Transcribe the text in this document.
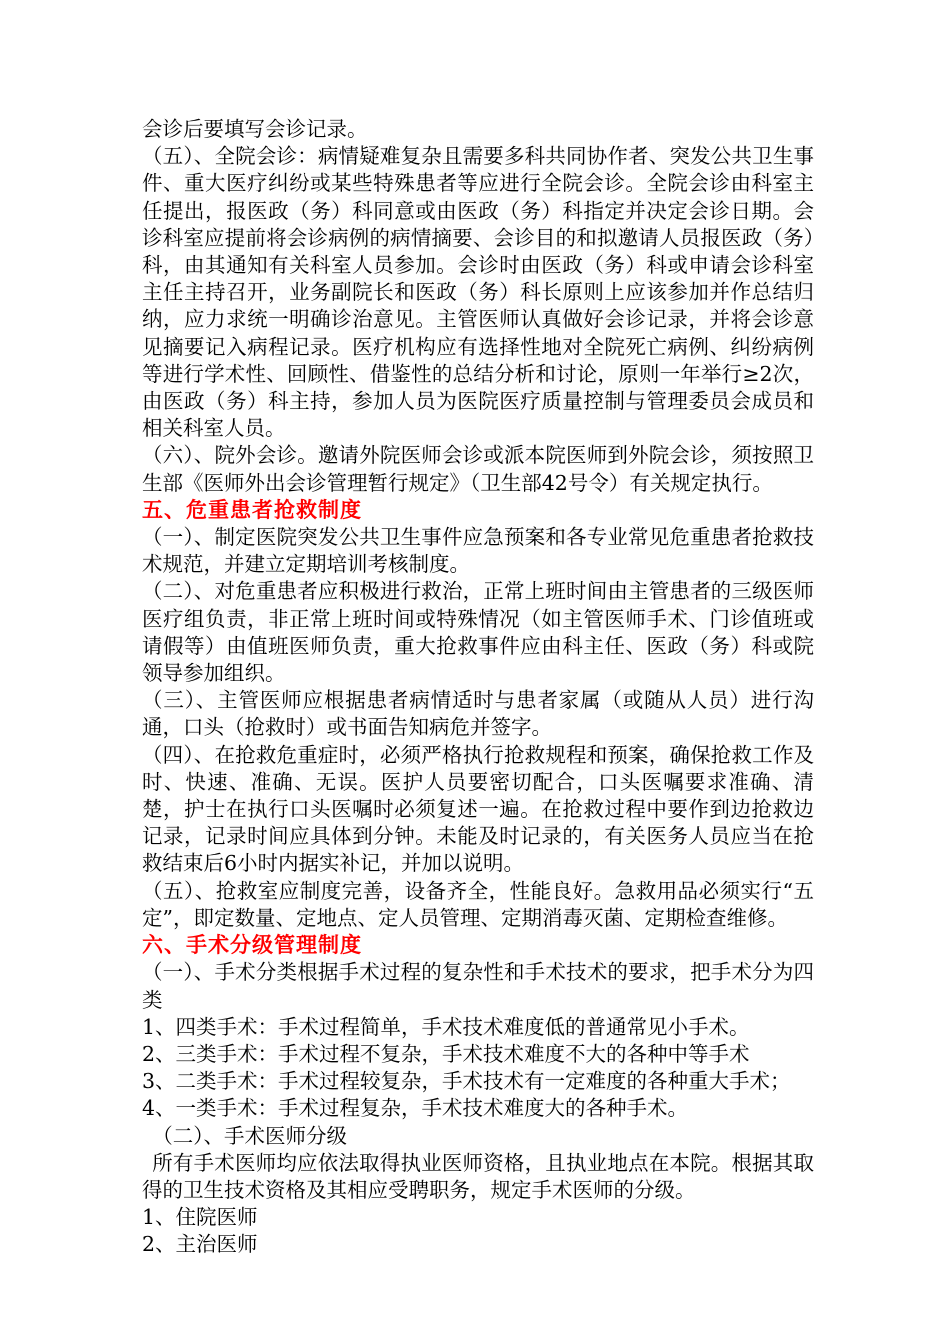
会诊后要填写会诊记录。

（五）、全院会诊：病情疑难复杂且需要多科共同协作者、突发公共卫生事件、重大医疗纠纷或某些特殊患者等应进行全院会诊。全院会诊由科室主任提出，报医政（务）科同意或由医政（务）科指定并决定会诊日期。会诊科室应提前将会诊病例的病情摘要、会诊目的和拟邀请人员报医政（务）科，由其通知有关科室人员参加。会诊时由医政（务）科或申请会诊科室主任主持召开，业务副院长和医政（务）科长原则上应该参加并作总结归纳，应力求统一明确诊治意见。主管医师认真做好会诊记录，并将会诊意见摘要记入病程记录。医疗机构应有选择性地对全院死亡病例、纠纷病例等进行学术性、回顾性、借鉴性的总结分析和讨论，原则一年举行≥2次，由医政（务）科主持，参加人员为医院医疗质量控制与管理委员会成员和相关科室人员。

（六）、院外会诊。邀请外院医师会诊或派本院医师到外院会诊，须按照卫生部《医师外出会诊管理暂行规定》（卫生部42号令）有关规定执行。

五、危重患者抢救制度

（一）、制定医院突发公共卫生事件应急预案和各专业常见危重患者抢救技术规范，并建立定期培训考核制度。

（二）、对危重患者应积极进行救治，正常上班时间由主管患者的三级医师医疗组负责，非正常上班时间或特殊情况（如主管医师手术、门诊值班或请假等）由值班医师负责，重大抢救事件应由科主任、医政（务）科或院领导参加组织。

（三）、主管医师应根据患者病情适时与患者家属（或随从人员）进行沟通，口头（抢救时）或书面告知病危并签字。

（四）、在抢救危重症时，必须严格执行抢救规程和预案，确保抢救工作及时、快速、准确、无误。医护人员要密切配合，口头医嘱要求准确、清楚，护士在执行口头医嘱时必须复述一遍。在抢救过程中要作到边抢救边记录，记录时间应具体到分钟。未能及时记录的，有关医务人员应当在抢救结束后6小时内据实补记，并加以说明。

（五）、抢救室应制度完善，设备齐全，性能良好。急救用品必须实行“五定”，即定数量、定地点、定人员管理、定期消毒灭菌、定期检查维修。

六、手术分级管理制度

（一）、手术分类根据手术过程的复杂性和手术技术的要求，把手术分为四类

1、四类手术：手术过程简单，手术技术难度低的普通常见小手术。

2、三类手术：手术过程不复杂，手术技术难度不大的各种中等手术

3、二类手术：手术过程较复杂，手术技术有一定难度的各种重大手术；

4、一类手术：手术过程复杂，手术技术难度大的各种手术。

（二）、手术医师分级

所有手术医师均应依法取得执业医师资格，且执业地点在本院。根据其取得的卫生技术资格及其相应受聘职务，规定手术医师的分级。

1、住院医师

2、主治医师
